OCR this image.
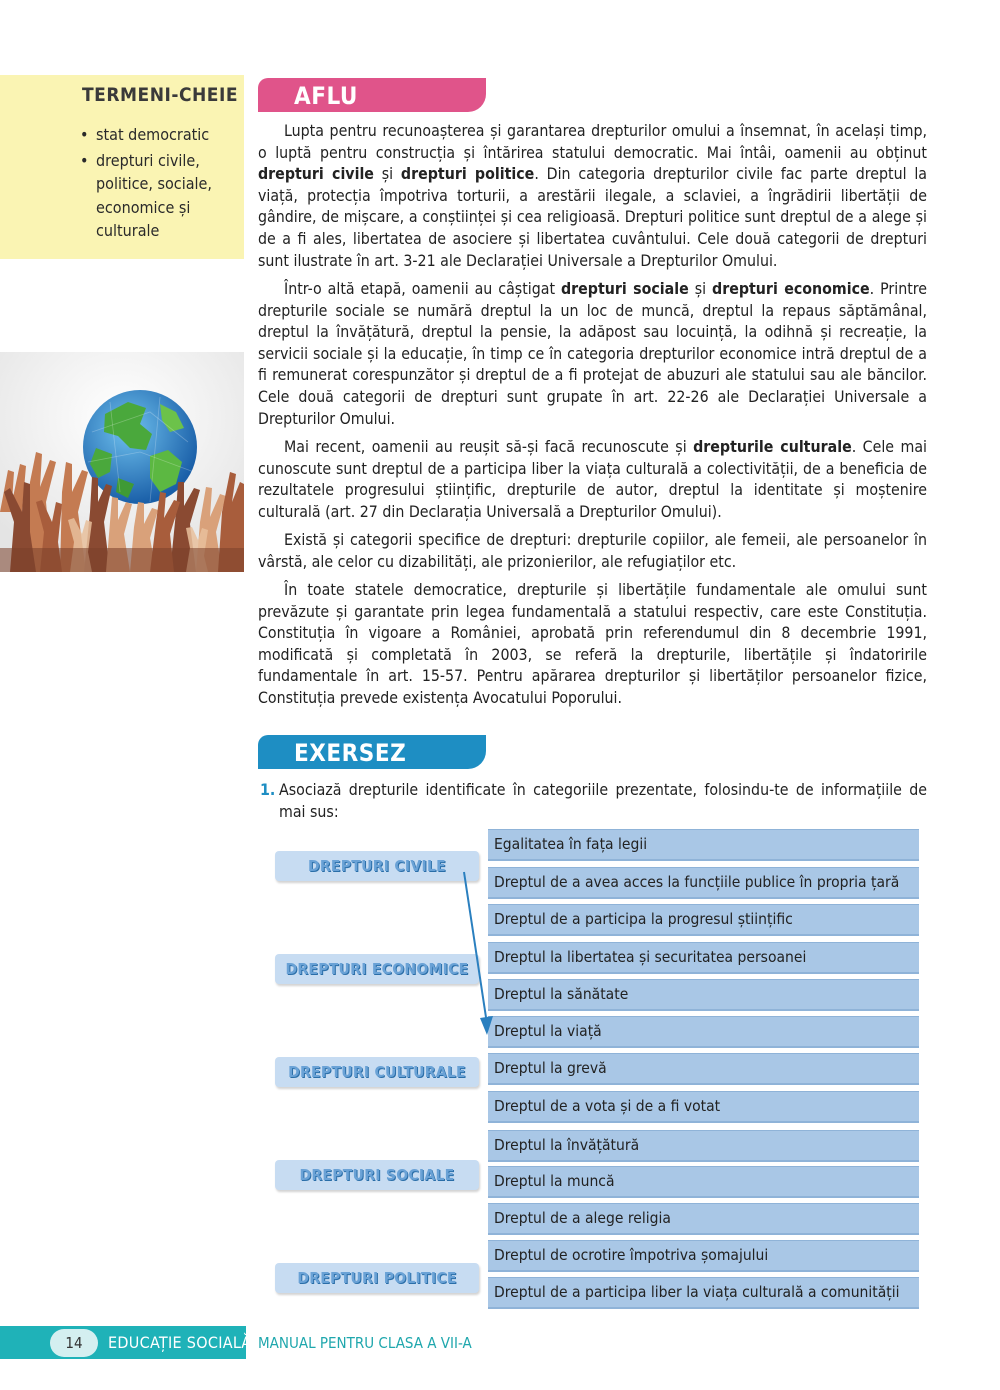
TERMENI-CHEIE
• stat democratic
• drepturi civile, politice, sociale, economice și culturale
AFLU

Lupta pentru recunoașterea și garantarea drepturilor omului a însemnat, în același timp, o luptă pentru construcția și întărirea statului democratic. Mai întâi, oamenii au obținut drepturi civile și drepturi politice. Din categoria drepturilor civile fac parte dreptul la viață, protecția împotriva torturii, a arestării ilegale, a sclaviei, a îngrădirii libertății de gândire, de mișcare, a conștiinței și cea religioasă. Drepturi politice sunt dreptul de a alege și de a fi ales, libertatea de asociere și libertatea cuvântului. Cele două categorii de drepturi sunt ilustrate în art. 3-21 ale Declarației Universale a Drepturilor Omului.

Într-o altă etapă, oamenii au câștigat drepturi sociale și drepturi economice. Printre drepturile sociale se numără dreptul la un loc de muncă, dreptul la repaus săptămânal, dreptul la învățătură, dreptul la pensie, la adăpost sau locuință, la odihnă și recreație, la servicii sociale și la educație, în timp ce în categoria drepturilor economice intră dreptul de a fi remunerat corespunzător și dreptul de a fi protejat de abuzuri ale statului sau ale băncilor. Cele două categorii de drepturi sunt grupate în art. 22-26 ale Declarației Universale a Drepturilor Omului.

Mai recent, oamenii au reușit să-și facă recunoscute și drepturile culturale. Cele mai cunoscute sunt dreptul de a participa liber la viața culturală a colectivității, de a beneficia de rezultatele progresului științific, drepturile de autor, dreptul la identitate și moștenire culturală (art. 27 din Declarația Universală a Drepturilor Omului).

Există și categorii specifice de drepturi: drepturile copiilor, ale femeii, ale persoanelor în vârstă, ale celor cu dizabilități, ale prizonierilor, ale refugiaților etc.

În toate statele democratice, drepturile și libertățile fundamentale ale omului sunt prevăzute și garantate prin legea fundamentală a statului respectiv, care este Constituția. Constituția în vigoare a României, aprobată prin referendumul din 8 decembrie 1991, modificată și completată în 2003, se referă la drepturile, libertățile și îndatoririle fundamentale în art. 15-57. Pentru apărarea drepturilor și libertăților persoanelor fizice, Constituția prevede existența Avocatului Poporului.

EXERSEZ
1. Asociază drepturile identificate în categoriile prezentate, folosindu-te de informațiile de mai sus:
DREPTURI CIVILE
DREPTURI ECONOMICE
DREPTURI CULTURALE
DREPTURI SOCIALE
DREPTURI POLITICE
Egalitatea în fața legii
Dreptul de a avea acces la funcțiile publice în propria țară
Dreptul de a participa la progresul științific
Dreptul la libertatea și securitatea persoanei
Dreptul la sănătate
Dreptul la viață
Dreptul la grevă
Dreptul de a vota și de a fi votat
Dreptul la învățătură
Dreptul la muncă
Dreptul de a alege religia
Dreptul de ocrotire împotriva șomajului
Dreptul de a participa liber la viața culturală a comunității
14	EDUCAȚIE SOCIALĂ MANUAL PENTRU CLASA A VII-A
